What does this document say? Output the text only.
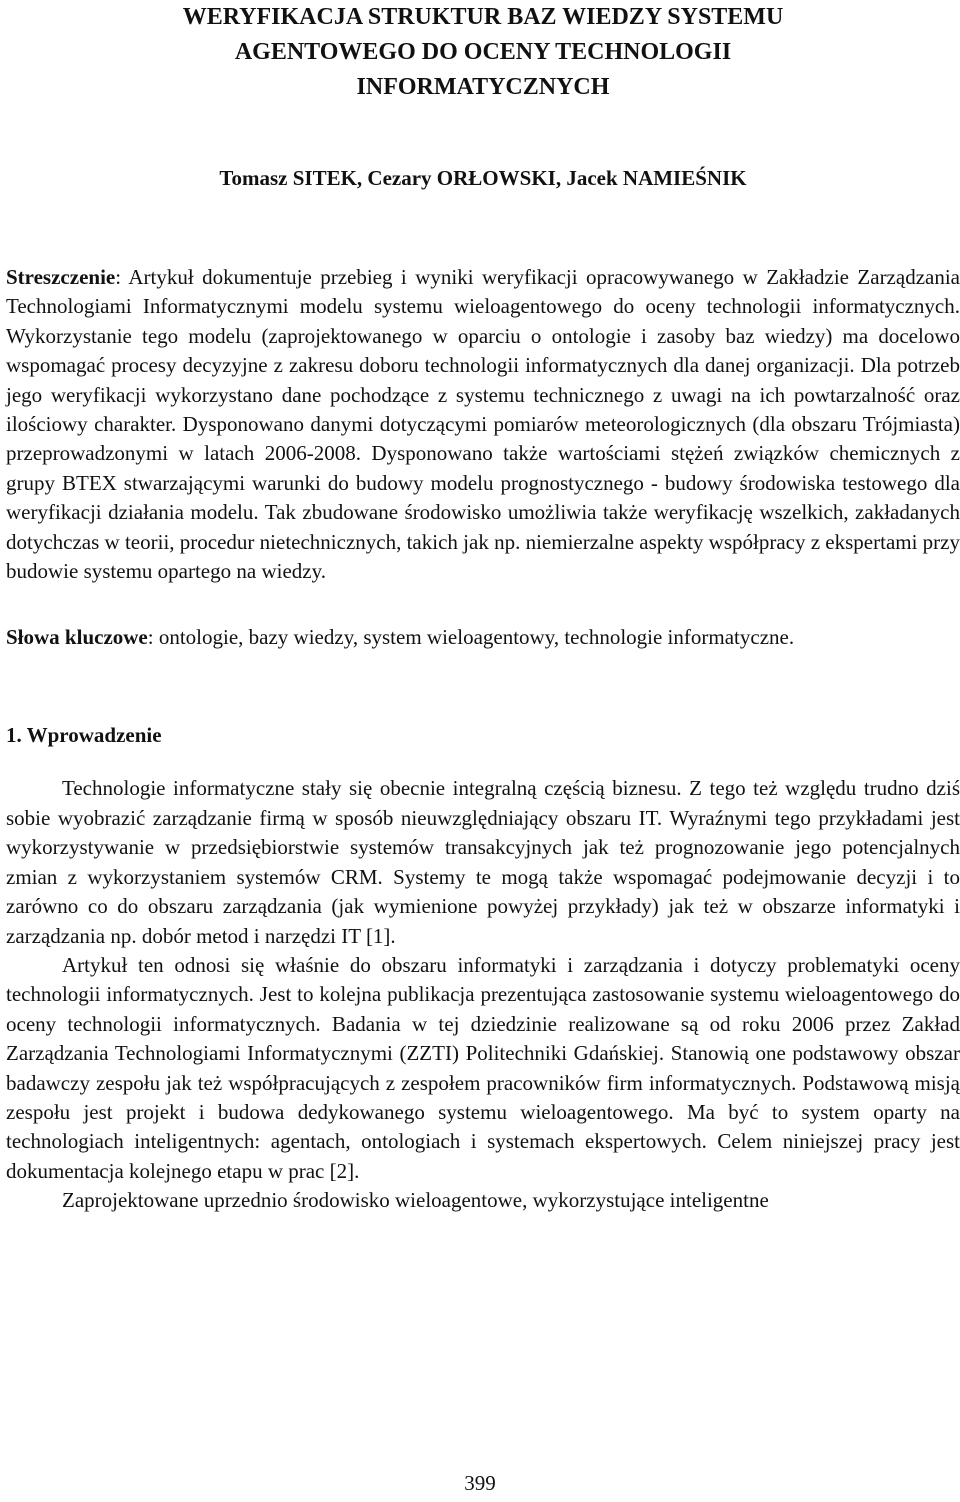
WERYFIKACJA STRUKTUR BAZ WIEDZY SYSTEMU
AGENTOWEGO DO OCENY TECHNOLOGII
INFORMATYCZNYCH
Tomasz SITEK, Cezary ORŁOWSKI, Jacek NAMIEŚNIK

Streszczenie: Artykuł dokumentuje przebieg i wyniki weryfikacji opracowywanego w Zakładzie Zarządzania Technologiami Informatycznymi modelu systemu wieloagentowego do oceny technologii informatycznych. Wykorzystanie tego modelu (zaprojektowanego w oparciu o ontologie i zasoby baz wiedzy) ma docelowo wspomagać procesy decyzyjne z zakresu doboru technologii informatycznych dla danej organizacji. Dla potrzeb jego weryfikacji wykorzystano dane pochodzące z systemu technicznego z uwagi na ich powtarzalność oraz ilościowy charakter. Dysponowano danymi dotyczącymi pomiarów meteorologicznych (dla obszaru Trójmiasta) przeprowadzonymi w latach 2006-2008. Dysponowano także wartościami stężeń związków chemicznych z grupy BTEX stwarzającymi warunki do budowy modelu prognostycznego - budowy środowiska testowego dla weryfikacji działania modelu. Tak zbudowane środowisko umożliwia także weryfikację wszelkich, zakładanych dotychczas w teorii, procedur nietechnicznych, takich jak np. niemierzalne aspekty współpracy z ekspertami przy budowie systemu opartego na wiedzy.

Słowa kluczowe: ontologie, bazy wiedzy, system wieloagentowy, technologie informatyczne.

1. Wprowadzenie

Technologie informatyczne stały się obecnie integralną częścią biznesu. Z tego też względu trudno dziś sobie wyobrazić zarządzanie firmą w sposób nieuwzględniający obszaru IT. Wyraźnymi tego przykładami jest wykorzystywanie w przedsiębiorstwie systemów transakcyjnych jak też prognozowanie jego potencjalnych zmian z wykorzystaniem systemów CRM. Systemy te mogą także wspomagać podejmowanie decyzji i to zarówno co do obszaru zarządzania (jak wymienione powyżej przykłady) jak też w obszarze informatyki i zarządzania np. dobór metod i narzędzi IT [1].

Artykuł ten odnosi się właśnie do obszaru informatyki i zarządzania i dotyczy problematyki oceny technologii informatycznych. Jest to kolejna publikacja prezentująca zastosowanie systemu wieloagentowego do oceny technologii informatycznych. Badania w tej dziedzinie realizowane są od roku 2006 przez Zakład Zarządzania Technologiami Informatycznymi (ZZTI) Politechniki Gdańskiej. Stanowią one podstawowy obszar badawczy zespołu jak też współpracujących z zespołem pracowników firm informatycznych. Podstawową misją zespołu jest projekt i budowa dedykowanego systemu wieloagentowego. Ma być to system oparty na technologiach inteligentnych: agentach, ontologiach i systemach ekspertowych. Celem niniejszej pracy jest dokumentacja kolejnego etapu w prac [2].

Zaprojektowane uprzednio środowisko wieloagentowe, wykorzystujące inteligentne

399
